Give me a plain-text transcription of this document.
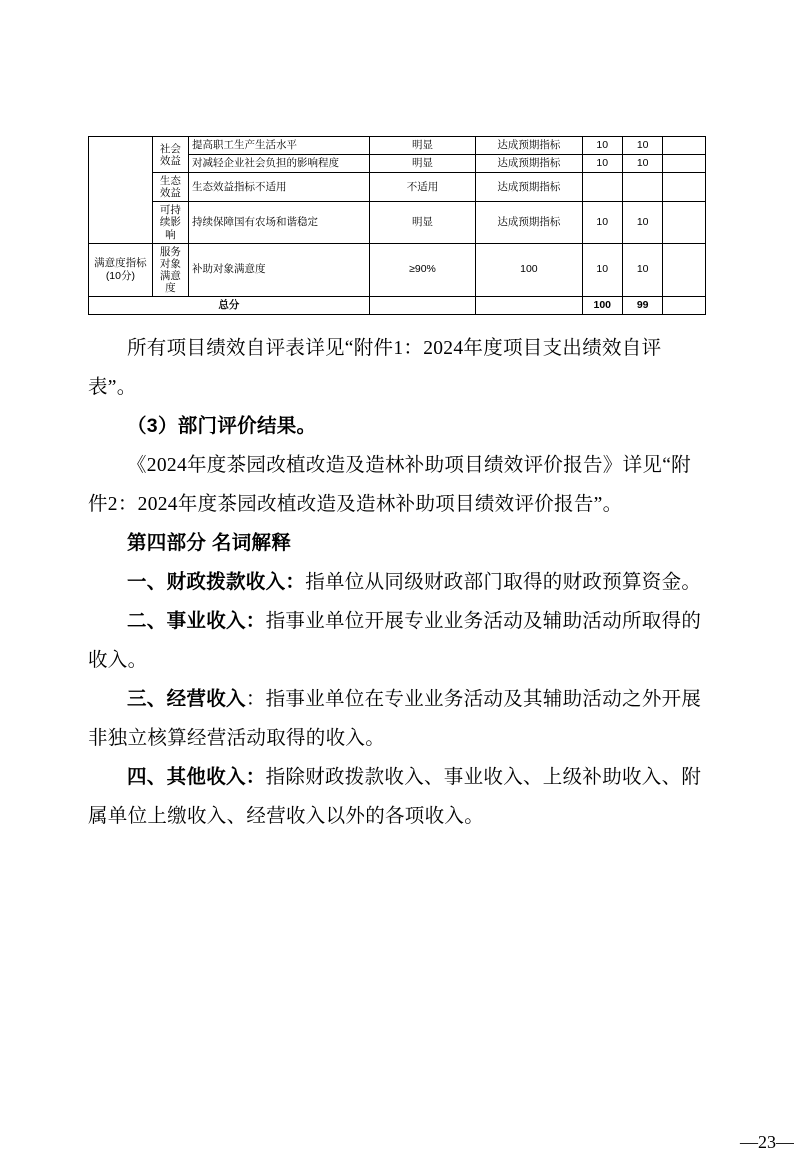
	社会效益	提高职工生产生活水平	明显	达成预期指标	10	10	
		对减轻企业社会负担的影响程度	明显	达成预期指标	10	10	
	生态效益	生态效益指标不适用	不适用	达成预期指标			
	可持续影响	持续保障国有农场和谐稳定	明显	达成预期指标	10	10	
满意度指标(10分)	服务对象满意度	补助对象满意度	≥90%	100	10	10	
总分					100	99	

所有项目绩效自评表详见“附件1：2024年度项目支出绩效自评表”。

（3）部门评价结果。

《2024年度茶园改植改造及造林补助项目绩效评价报告》详见“附件2：2024年度茶园改植改造及造林补助项目绩效评价报告”。

第四部分 名词解释

一、财政拨款收入：指单位从同级财政部门取得的财政预算资金。

二、事业收入：指事业单位开展专业业务活动及辅助活动所取得的收入。

三、经营收入：指事业单位在专业业务活动及其辅助活动之外开展非独立核算经营活动取得的收入。

四、其他收入：指除财政拨款收入、事业收入、上级补助收入、附属单位上缴收入、经营收入以外的各项收入。

—23—
